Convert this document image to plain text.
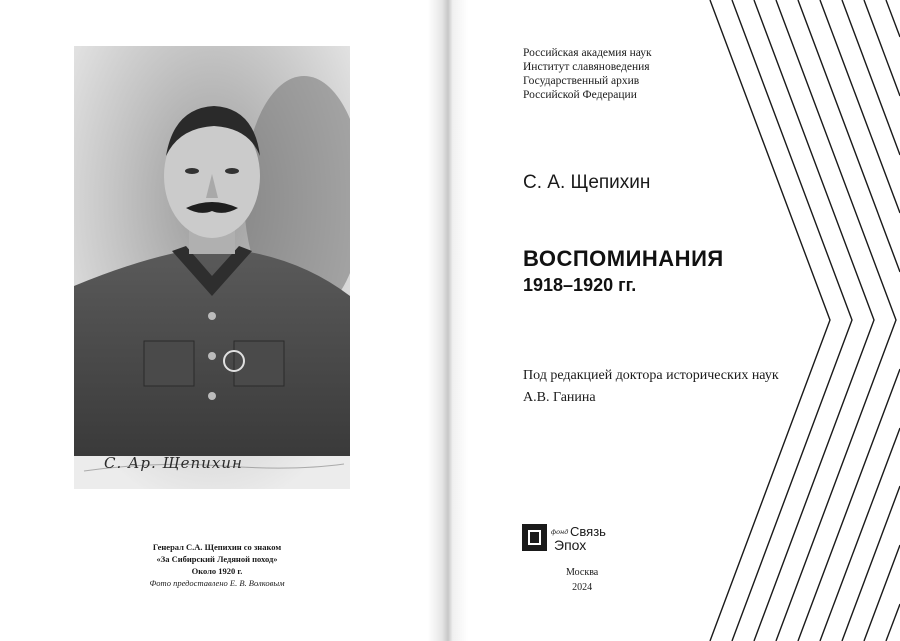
С. Ар. Щепихин
Генерал С.А. Щепихин со знаком
«За Сибирский Ледяной поход»
Около 1920 г.
Фото предоставлено Е. В. Волковым
Российская академия наук
Институт славяноведения
Государственный архив
Российской Федерации
С. А. Щепихин
ВОСПОМИНАНИЯ
1918–1920 гг.
Под редакцией доктора исторических наук
А.В. Ганина
фонд Связь
Эпох
Москва
2024
